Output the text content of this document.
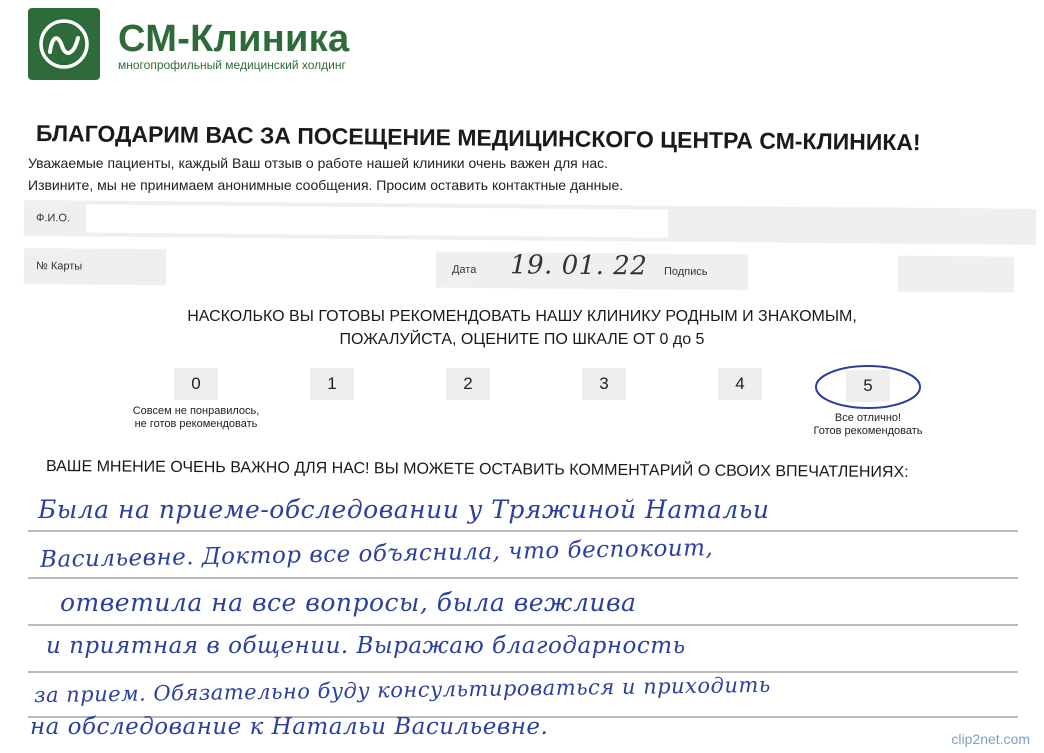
СМ-Клиника
многопрофильный медицинский холдинг
БЛАГОДАРИМ ВАС ЗА ПОСЕЩЕНИЕ МЕДИЦИНСКОГО ЦЕНТРА СМ-КЛИНИКА!
Уважаемые пациенты, каждый Ваш отзыв о работе нашей клиники очень важен для нас.
Извините, мы не принимаем анонимные сообщения. Просим оставить контактные данные.
Ф.И.О.
№ Карты	Дата 19. 01. 22 Подпись
НАСКОЛЬКО ВЫ ГОТОВЫ РЕКОМЕНДОВАТЬ НАШУ КЛИНИКУ РОДНЫМ И ЗНАКОМЫМ,
ПОЖАЛУЙСТА, ОЦЕНИТЕ ПО ШКАЛЕ ОТ 0 до 5
0	1	2	3	4	5
Совсем не понравилось,
не готов рекомендовать	Все отлично!
Готов рекомендовать
ВАШЕ МНЕНИЕ ОЧЕНЬ ВАЖНО ДЛЯ НАС! ВЫ МОЖЕТЕ ОСТАВИТЬ КОММЕНТАРИЙ О СВОИХ ВПЕЧАТЛЕНИЯХ:
Была на приеме-обследовании у Тряжиной Натальи
Васильевне. Доктор все объяснила, что беспокоит,
ответила на все вопросы, была вежлива
и приятная в общении. Выражаю благодарность
за прием. Обязательно буду консультироваться и приходить
на обследование к Натальи Васильевне.	clip2net.com
